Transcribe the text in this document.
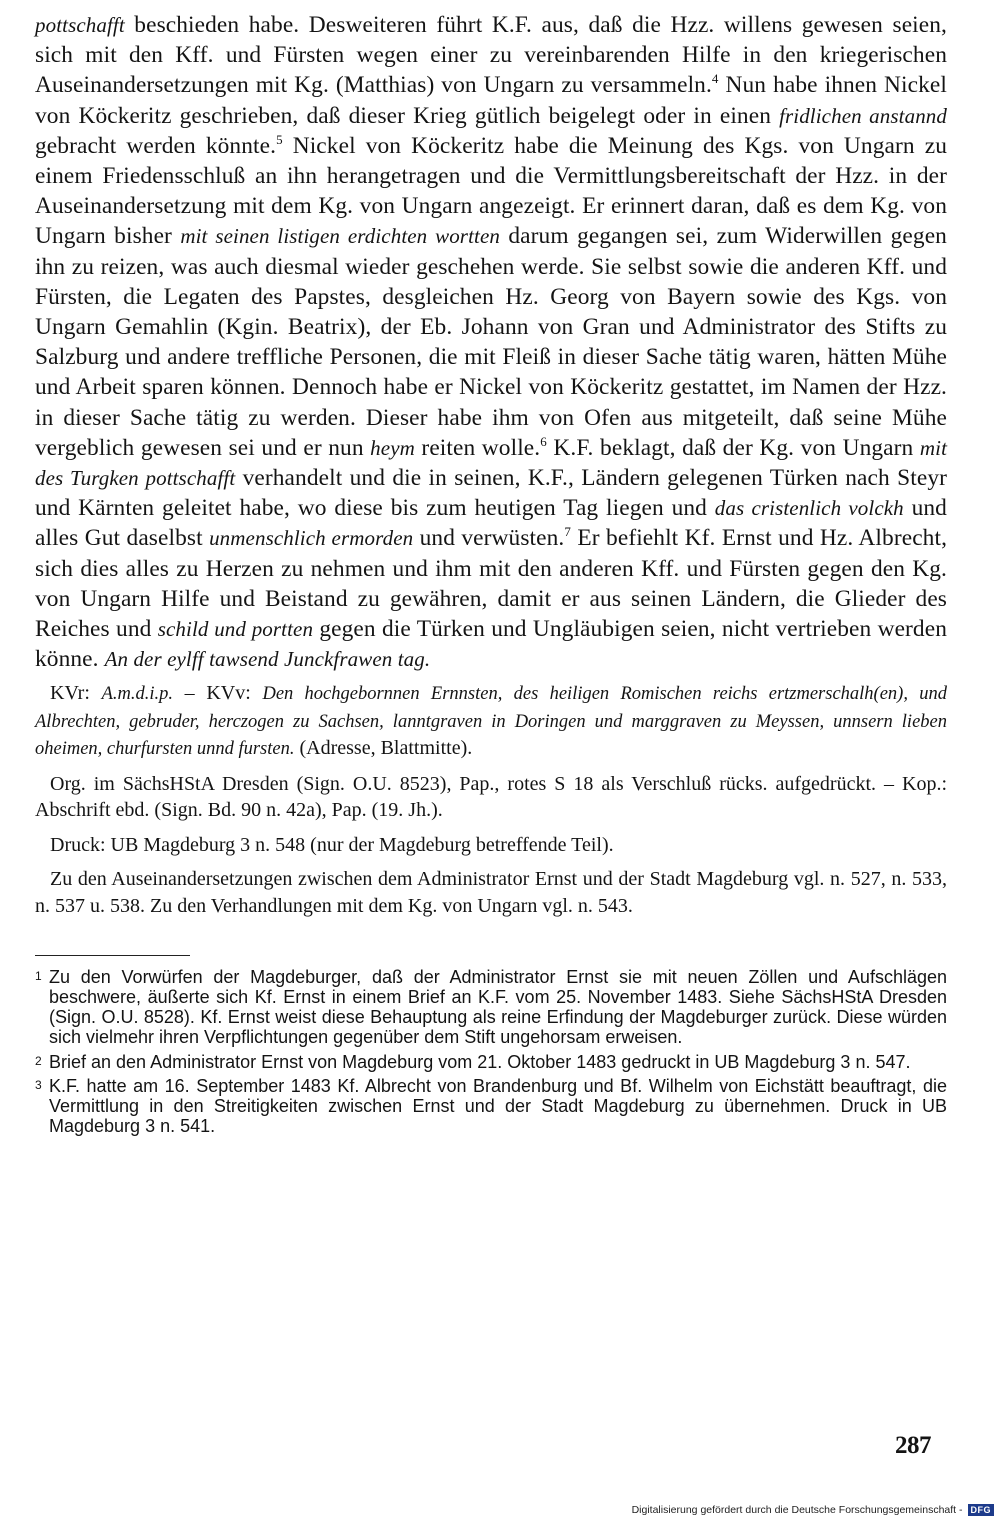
pottschafft beschieden habe. Desweiteren führt K.F. aus, daß die Hzz. willens gewesen seien, sich mit den Kff. und Fürsten wegen einer zu vereinbarenden Hilfe in den kriegerischen Auseinandersetzungen mit Kg. (Matthias) von Ungarn zu versammeln.$^4$ Nun habe ihnen Nickel von Köckeritz geschrieben, daß dieser Krieg gütlich beigelegt oder in einen fridlichen anstannd gebracht werden könnte.$^5$ Nickel von Köckeritz habe die Meinung des Kgs. von Ungarn zu einem Friedensschluß an ihn herangetragen und die Vermittlungsbereitschaft der Hzz. in der Auseinandersetzung mit dem Kg. von Ungarn angezeigt. Er erinnert daran, daß es dem Kg. von Ungarn bisher mit seinen listigen erdichten wortten darum gegangen sei, zum Widerwillen gegen ihn zu reizen, was auch diesmal wieder geschehen werde. Sie selbst sowie die anderen Kff. und Fürsten, die Legaten des Papstes, desgleichen Hz. Georg von Bayern sowie des Kgs. von Ungarn Gemahlin (Kgin. Beatrix), der Eb. Johann von Gran und Administrator des Stifts zu Salzburg und andere treffliche Personen, die mit Fleiß in dieser Sache tätig waren, hätten Mühe und Arbeit sparen können. Dennoch habe er Nickel von Köckeritz gestattet, im Namen der Hzz. in dieser Sache tätig zu werden. Dieser habe ihm von Ofen aus mitgeteilt, daß seine Mühe vergeblich gewesen sei und er nun heym reiten wolle.$^6$ K.F. beklagt, daß der Kg. von Ungarn mit des Turgken pottschafft verhandelt und die in seinen, K.F., Ländern gelegenen Türken nach Steyr und Kärnten geleitet habe, wo diese bis zum heutigen Tag liegen und das cristenlich volckh und alles Gut daselbst unmenschlich ermorden und verwüsten.$^7$ Er befiehlt Kf. Ernst und Hz. Albrecht, sich dies alles zu Herzen zu nehmen und ihm mit den anderen Kff. und Fürsten gegen den Kg. von Ungarn Hilfe und Beistand zu gewähren, damit er aus seinen Ländern, die Glieder des Reiches und schild und portten gegen die Türken und Ungläubigen seien, nicht vertrieben werden könne. An der eylff tawsend Junckfrawen tag.

KVr: A.m.d.i.p. – KVv: Den hochgebornnen Ernnsten, des heiligen Romischen reichs ertzmerschalh(en), und Albrechten, gebruder, herczogen zu Sachsen, lanntgraven in Doringen und marggraven zu Meyssen, unnsern lieben oheimen, churfursten unnd fursten. (Adresse, Blattmitte).

Org. im SächsHStA Dresden (Sign. O.U. 8523), Pap., rotes S 18 als Verschluß rücks. aufgedrückt. – Kop.: Abschrift ebd. (Sign. Bd. 90 n. 42a), Pap. (19. Jh.).

Druck: UB Magdeburg 3 n. 548 (nur der Magdeburg betreffende Teil).

Zu den Auseinandersetzungen zwischen dem Administrator Ernst und der Stadt Magdeburg vgl. n. 527, n. 533, n. 537 u. 538. Zu den Verhandlungen mit dem Kg. von Ungarn vgl. n. 543.

1 Zu den Vorwürfen der Magdeburger, daß der Administrator Ernst sie mit neuen Zöllen und Aufschlägen beschwere, äußerte sich Kf. Ernst in einem Brief an K.F. vom 25. November 1483. Siehe SächsHStA Dresden (Sign. O.U. 8528). Kf. Ernst weist diese Behauptung als reine Erfindung der Magdeburger zurück. Diese würden sich vielmehr ihren Verpflichtungen gegenüber dem Stift ungehorsam erweisen.
2 Brief an den Administrator Ernst von Magdeburg vom 21. Oktober 1483 gedruckt in UB Magdeburg 3 n. 547.
3 K.F. hatte am 16. September 1483 Kf. Albrecht von Brandenburg und Bf. Wilhelm von Eichstätt beauftragt, die Vermittlung in den Streitigkeiten zwischen Ernst und der Stadt Magdeburg zu übernehmen. Druck in UB Magdeburg 3 n. 541.
287
Digitalisierung gefördert durch die Deutsche Forschungsgemeinschaft - DFG
